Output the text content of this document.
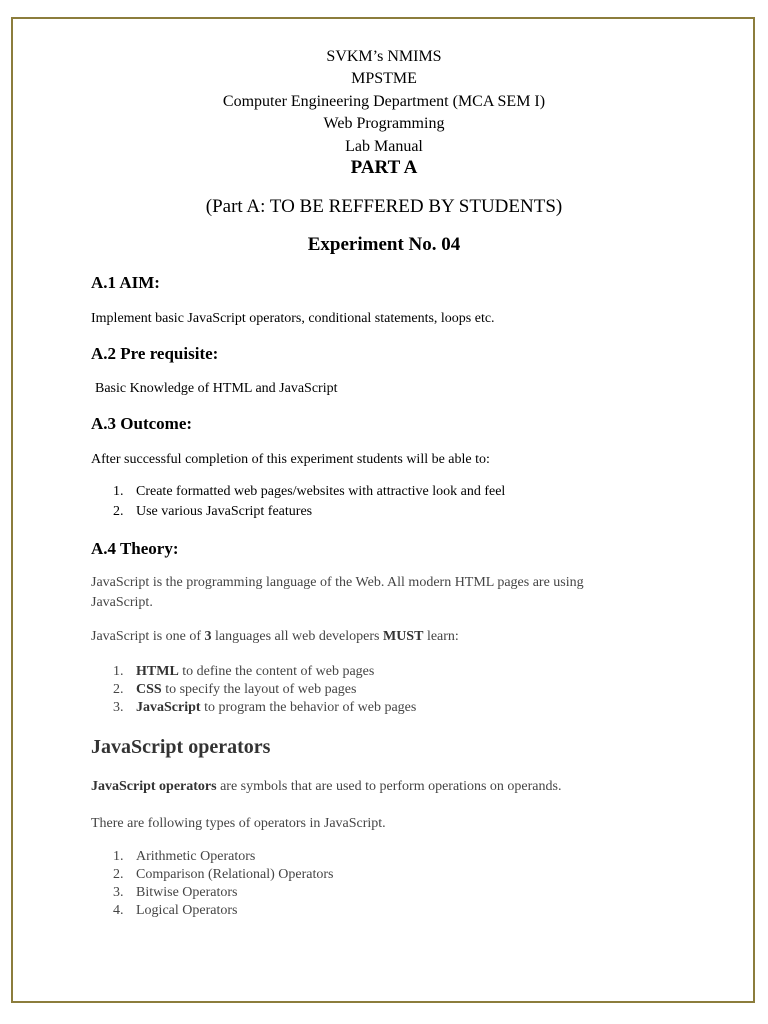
SVKM’s NMIMS
MPSTME
Computer Engineering Department (MCA SEM I)
Web Programming
Lab Manual
PART A
(Part A: TO BE REFFERED BY STUDENTS)
Experiment No. 04
A.1 AIM:
Implement basic JavaScript operators, conditional statements, loops etc.
A.2 Pre requisite:
Basic Knowledge of HTML and JavaScript
A.3 Outcome:
After successful completion of this experiment students will be able to:
1. Create formatted web pages/websites with attractive look and feel
2. Use various JavaScript features
A.4 Theory:
JavaScript is the programming language of the Web. All modern HTML pages are using
JavaScript.
JavaScript is one of 3 languages all web developers MUST learn:
1. HTML to define the content of web pages
2. CSS to specify the layout of web pages
3. JavaScript to program the behavior of web pages
JavaScript operators
JavaScript operators are symbols that are used to perform operations on operands.
There are following types of operators in JavaScript.
1. Arithmetic Operators
2. Comparison (Relational) Operators
3. Bitwise Operators
4. Logical Operators
